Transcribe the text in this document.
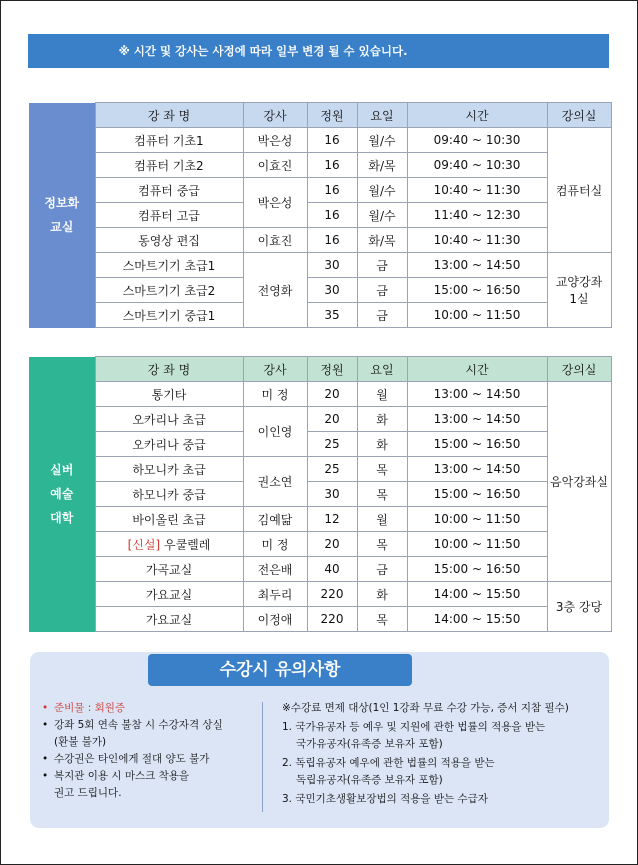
※ 시간 및 강사는 사정에 따라 일부 변경 될 수 있습니다.
정보화
교실	강 좌 명	강사	정원	요일	시간	강의실
	컴퓨터 기초1	박은성	16	월/수	09:40 ~ 10:30	컴퓨터실
	컴퓨터 기초2	이효진	16	화/목	09:40 ~ 10:30	
	컴퓨터 중급	박은성	16	월/수	10:40 ~ 11:30	
	컴퓨터 고급		16	월/수	11:40 ~ 12:30	
	동영상 편집	이효진	16	화/목	10:40 ~ 11:30	
	스마트기기 초급1	전영화	30	금	13:00 ~ 14:50	교양강좌
1실

	스마트기기 초급2		30	금	15:00 ~ 16:50	
	스마트기기 중급1		35	금	10:00 ~ 11:50	
실버
예술
대학	강 좌 명	강사	정원	요일	시간	강의실
	통기타	미 정	20	월	13:00 ~ 14:50	음악강좌실
	오카리나 초급	이인영	20	화	13:00 ~ 14:50	
	오카리나 중급		25	화	15:00 ~ 16:50	
	하모니카 초급	권소연	25	목	13:00 ~ 14:50	
	하모니카 중급		30	목	15:00 ~ 16:50	
	바이올린 초급	김예닮	12	월	10:00 ~ 11:50	
	[신설] 우쿨렐레	미 정	20	목	10:00 ~ 11:50	
	가곡교실	전은배	40	금	15:00 ~ 16:50	
	가요교실	최두리	220	화	14:00 ~ 15:50	3층 강당
	가요교실	이정애	220	목	14:00 ~ 15:50	
수강시 유의사항
• 준비물 : 회원증
• 강좌 5회 연속 불참 시 수강자격 상실
(환불 불가)
• 수강권은 타인에게 절대 양도 불가
• 복지관 이용 시 마스크 착용을
권고 드립니다.
※수강료 면제 대상(1인 1강좌 무료 수강 가능, 증서 지참 필수)
1. 국가유공자 등 예우 및 지원에 관한 법률의 적용을 받는
국가유공자(유족증 보유자 포함)
2. 독립유공자 예우에 관한 법률의 적용을 받는
독립유공자(유족증 보유자 포함)
3. 국민기초생활보장법의 적용을 받는 수급자
